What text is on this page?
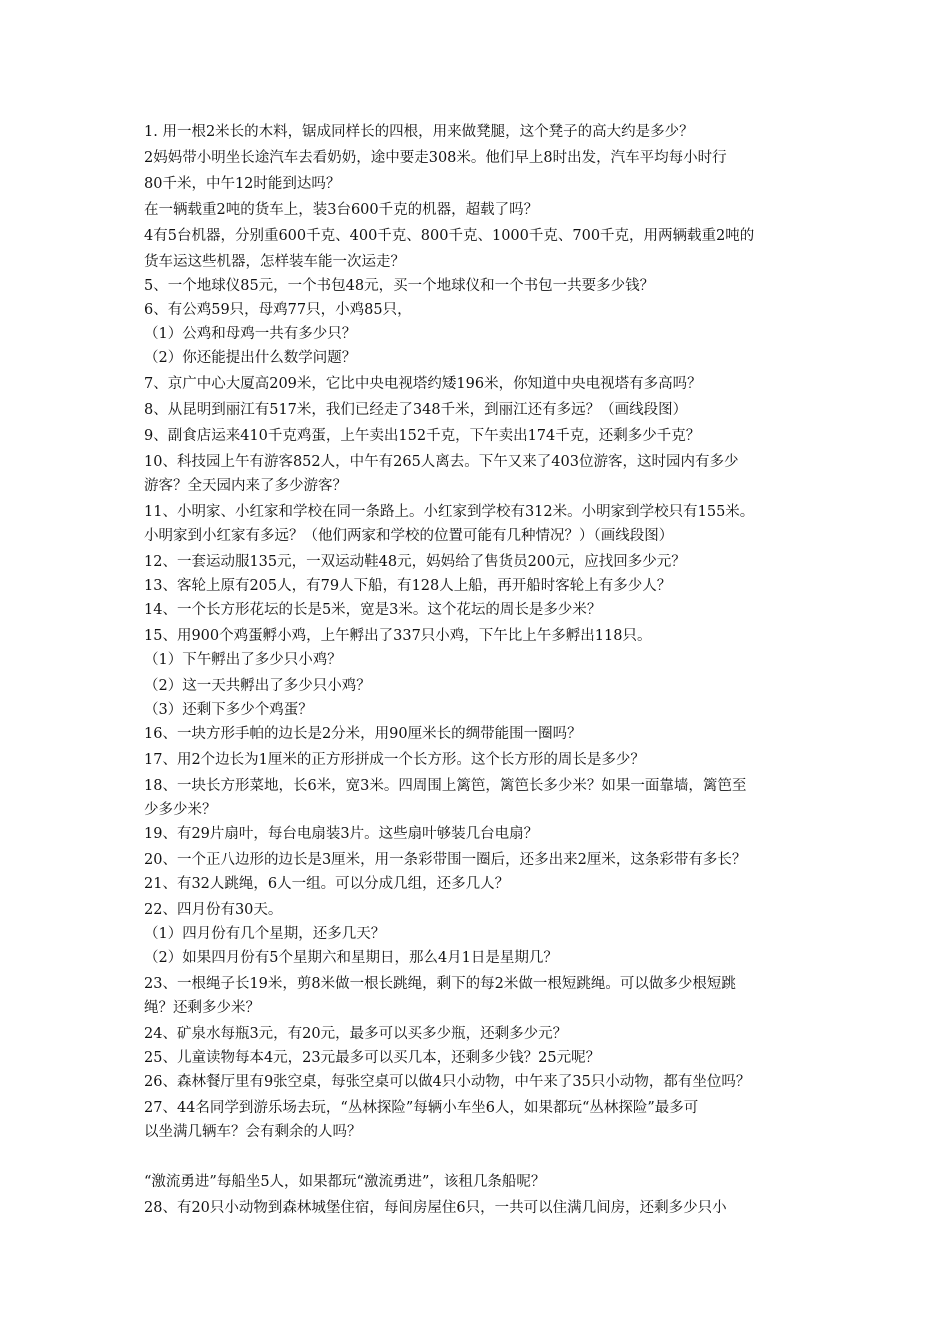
1. 用一根2米长的木料，锯成同样长的四根，用来做凳腿，这个凳子的高大约是多少？
2妈妈带小明坐长途汽车去看奶奶，途中要走308米。他们早上8时出发，汽车平均每小时行
80千米，中午12时能到达吗？
在一辆载重2吨的货车上，装3台600千克的机器，超载了吗？
4有5台机器，分别重600千克、400千克、800千克、1000千克、700千克，用两辆载重2吨的
货车运这些机器，怎样装车能一次运走？
5、一个地球仪85元，一个书包48元，买一个地球仪和一个书包一共要多少钱？
6、有公鸡59只，母鸡77只，小鸡85只，
（1）公鸡和母鸡一共有多少只？
（2）你还能提出什么数学问题？
7、京广中心大厦高209米，它比中央电视塔约矮196米，你知道中央电视塔有多高吗？
8、从昆明到丽江有517米，我们已经走了348千米，到丽江还有多远？（画线段图）
9、副食店运来410千克鸡蛋，上午卖出152千克，下午卖出174千克，还剩多少千克？
10、科技园上午有游客852人，中午有265人离去。下午又来了403位游客，这时园内有多少
游客？全天园内来了多少游客？
11、小明家、小红家和学校在同一条路上。小红家到学校有312米。小明家到学校只有155米。
小明家到小红家有多远？（他们两家和学校的位置可能有几种情况？）（画线段图）
12、一套运动服135元，一双运动鞋48元，妈妈给了售货员200元，应找回多少元？
13、客轮上原有205人，有79人下船，有128人上船，再开船时客轮上有多少人？
14、一个长方形花坛的长是5米，宽是3米。这个花坛的周长是多少米？
15、用900个鸡蛋孵小鸡，上午孵出了337只小鸡，下午比上午多孵出118只。
（1）下午孵出了多少只小鸡？
（2）这一天共孵出了多少只小鸡？
（3）还剩下多少个鸡蛋？
16、一块方形手帕的边长是2分米，用90厘米长的绸带能围一圈吗？
17、用2个边长为1厘米的正方形拼成一个长方形。这个长方形的周长是多少？
18、一块长方形菜地，长6米，宽3米。四周围上篱笆，篱笆长多少米？如果一面靠墙，篱笆至
少多少米？
19、有29片扇叶，每台电扇装3片。这些扇叶够装几台电扇？
20、一个正八边形的边长是3厘米，用一条彩带围一圈后，还多出来2厘米，这条彩带有多长？
21、有32人跳绳，6人一组。可以分成几组，还多几人？
22、四月份有30天。
（1）四月份有几个星期，还多几天？
（2）如果四月份有5个星期六和星期日，那么4月1日是星期几？
23、一根绳子长19米，剪8米做一根长跳绳，剩下的每2米做一根短跳绳。可以做多少根短跳
绳？还剩多少米？
24、矿泉水每瓶3元，有20元，最多可以买多少瓶，还剩多少元？
25、儿童读物每本4元，23元最多可以买几本，还剩多少钱？25元呢？
26、森林餐厅里有9张空桌，每张空桌可以做4只小动物，中午来了35只小动物，都有坐位吗？
27、44名同学到游乐场去玩，“丛林探险”每辆小车坐6人，如果都玩“丛林探险”最多可
以坐满几辆车？会有剩余的人吗？
“激流勇进”每船坐5人，如果都玩“激流勇进”，该租几条船呢？
28、有20只小动物到森林城堡住宿，每间房屋住6只，一共可以住满几间房，还剩多少只小
